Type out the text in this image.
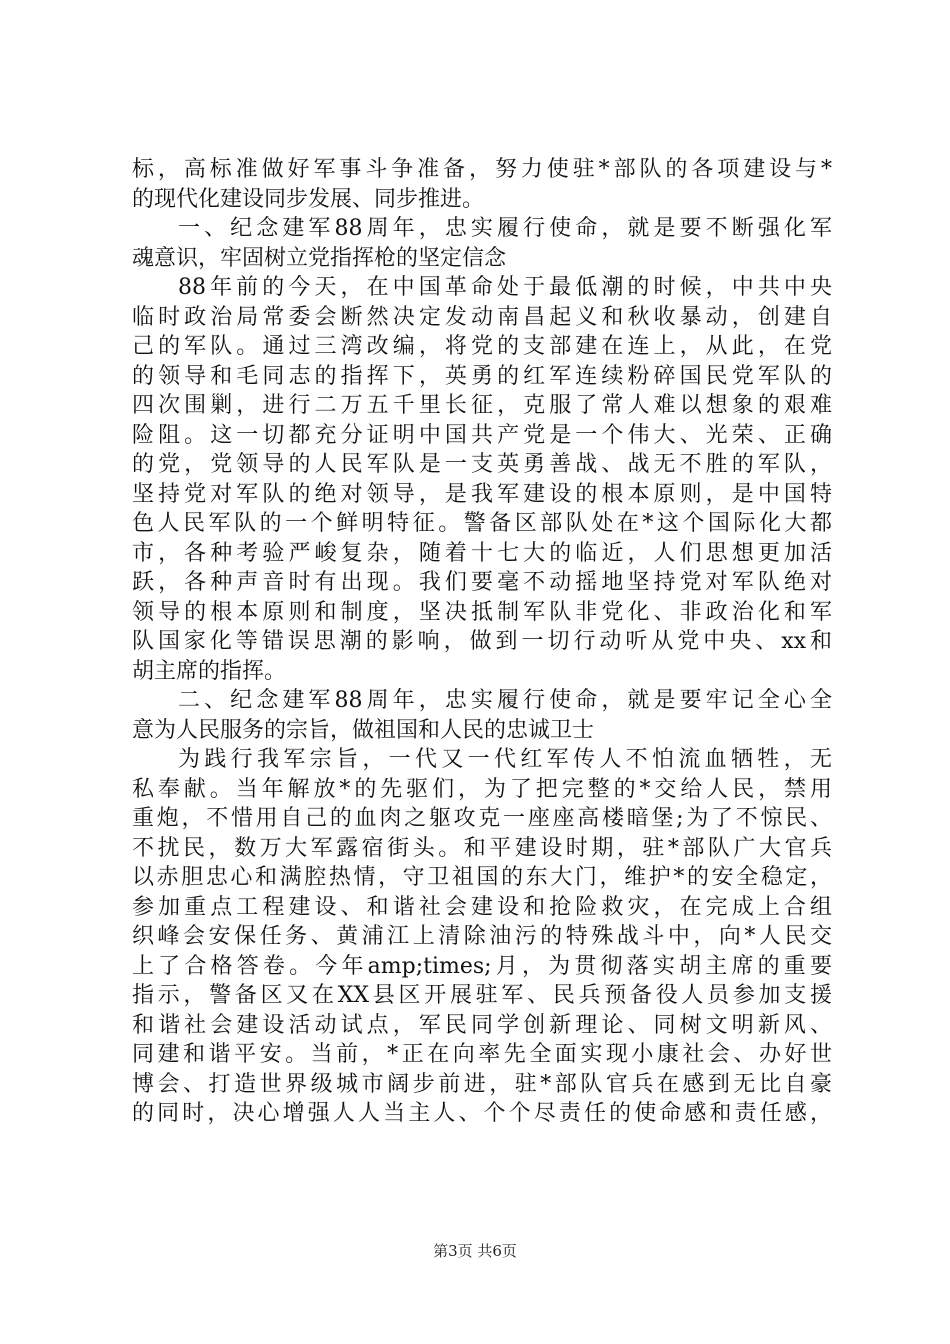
标，高标准做好军事斗争准备，努力使驻*部队的各项建设与*
的现代化建设同步发展、同步推进。
一、纪念建军88周年，忠实履行使命，就是要不断强化军
魂意识，牢固树立党指挥枪的坚定信念
88年前的今天，在中国革命处于最低潮的时候，中共中央
临时政治局常委会断然决定发动南昌起义和秋收暴动，创建自
己的军队。通过三湾改编，将党的支部建在连上，从此，在党
的领导和毛同志的指挥下，英勇的红军连续粉碎国民党军队的
四次围剿，进行二万五千里长征，克服了常人难以想象的艰难
险阻。这一切都充分证明中国共产党是一个伟大、光荣、正确
的党，党领导的人民军队是一支英勇善战、战无不胜的军队，
坚持党对军队的绝对领导，是我军建设的根本原则，是中国特
色人民军队的一个鲜明特征。警备区部队处在*这个国际化大都
市，各种考验严峻复杂，随着十七大的临近，人们思想更加活
跃，各种声音时有出现。我们要毫不动摇地坚持党对军队绝对
领导的根本原则和制度，坚决抵制军队非党化、非政治化和军
队国家化等错误思潮的影响，做到一切行动听从党中央、xx和
胡主席的指挥。
二、纪念建军88周年，忠实履行使命，就是要牢记全心全
意为人民服务的宗旨，做祖国和人民的忠诚卫士
为践行我军宗旨，一代又一代红军传人不怕流血牺牲，无
私奉献。当年解放*的先驱们，为了把完整的*交给人民，禁用
重炮，不惜用自己的血肉之躯攻克一座座高楼暗堡;为了不惊民、
不扰民，数万大军露宿街头。和平建设时期，驻*部队广大官兵
以赤胆忠心和满腔热情，守卫祖国的东大门，维护*的安全稳定，
参加重点工程建设、和谐社会建设和抢险救灾，在完成上合组
织峰会安保任务、黄浦江上清除油污的特殊战斗中，向*人民交
上了合格答卷。今年amp;times;月，为贯彻落实胡主席的重要
指示，警备区又在XX县区开展驻军、民兵预备役人员参加支援
和谐社会建设活动试点，军民同学创新理论、同树文明新风、
同建和谐平安。当前，*正在向率先全面实现小康社会、办好世
博会、打造世界级城市阔步前进，驻*部队官兵在感到无比自豪
的同时，决心增强人人当主人、个个尽责任的使命感和责任感，
第3页 共6页
